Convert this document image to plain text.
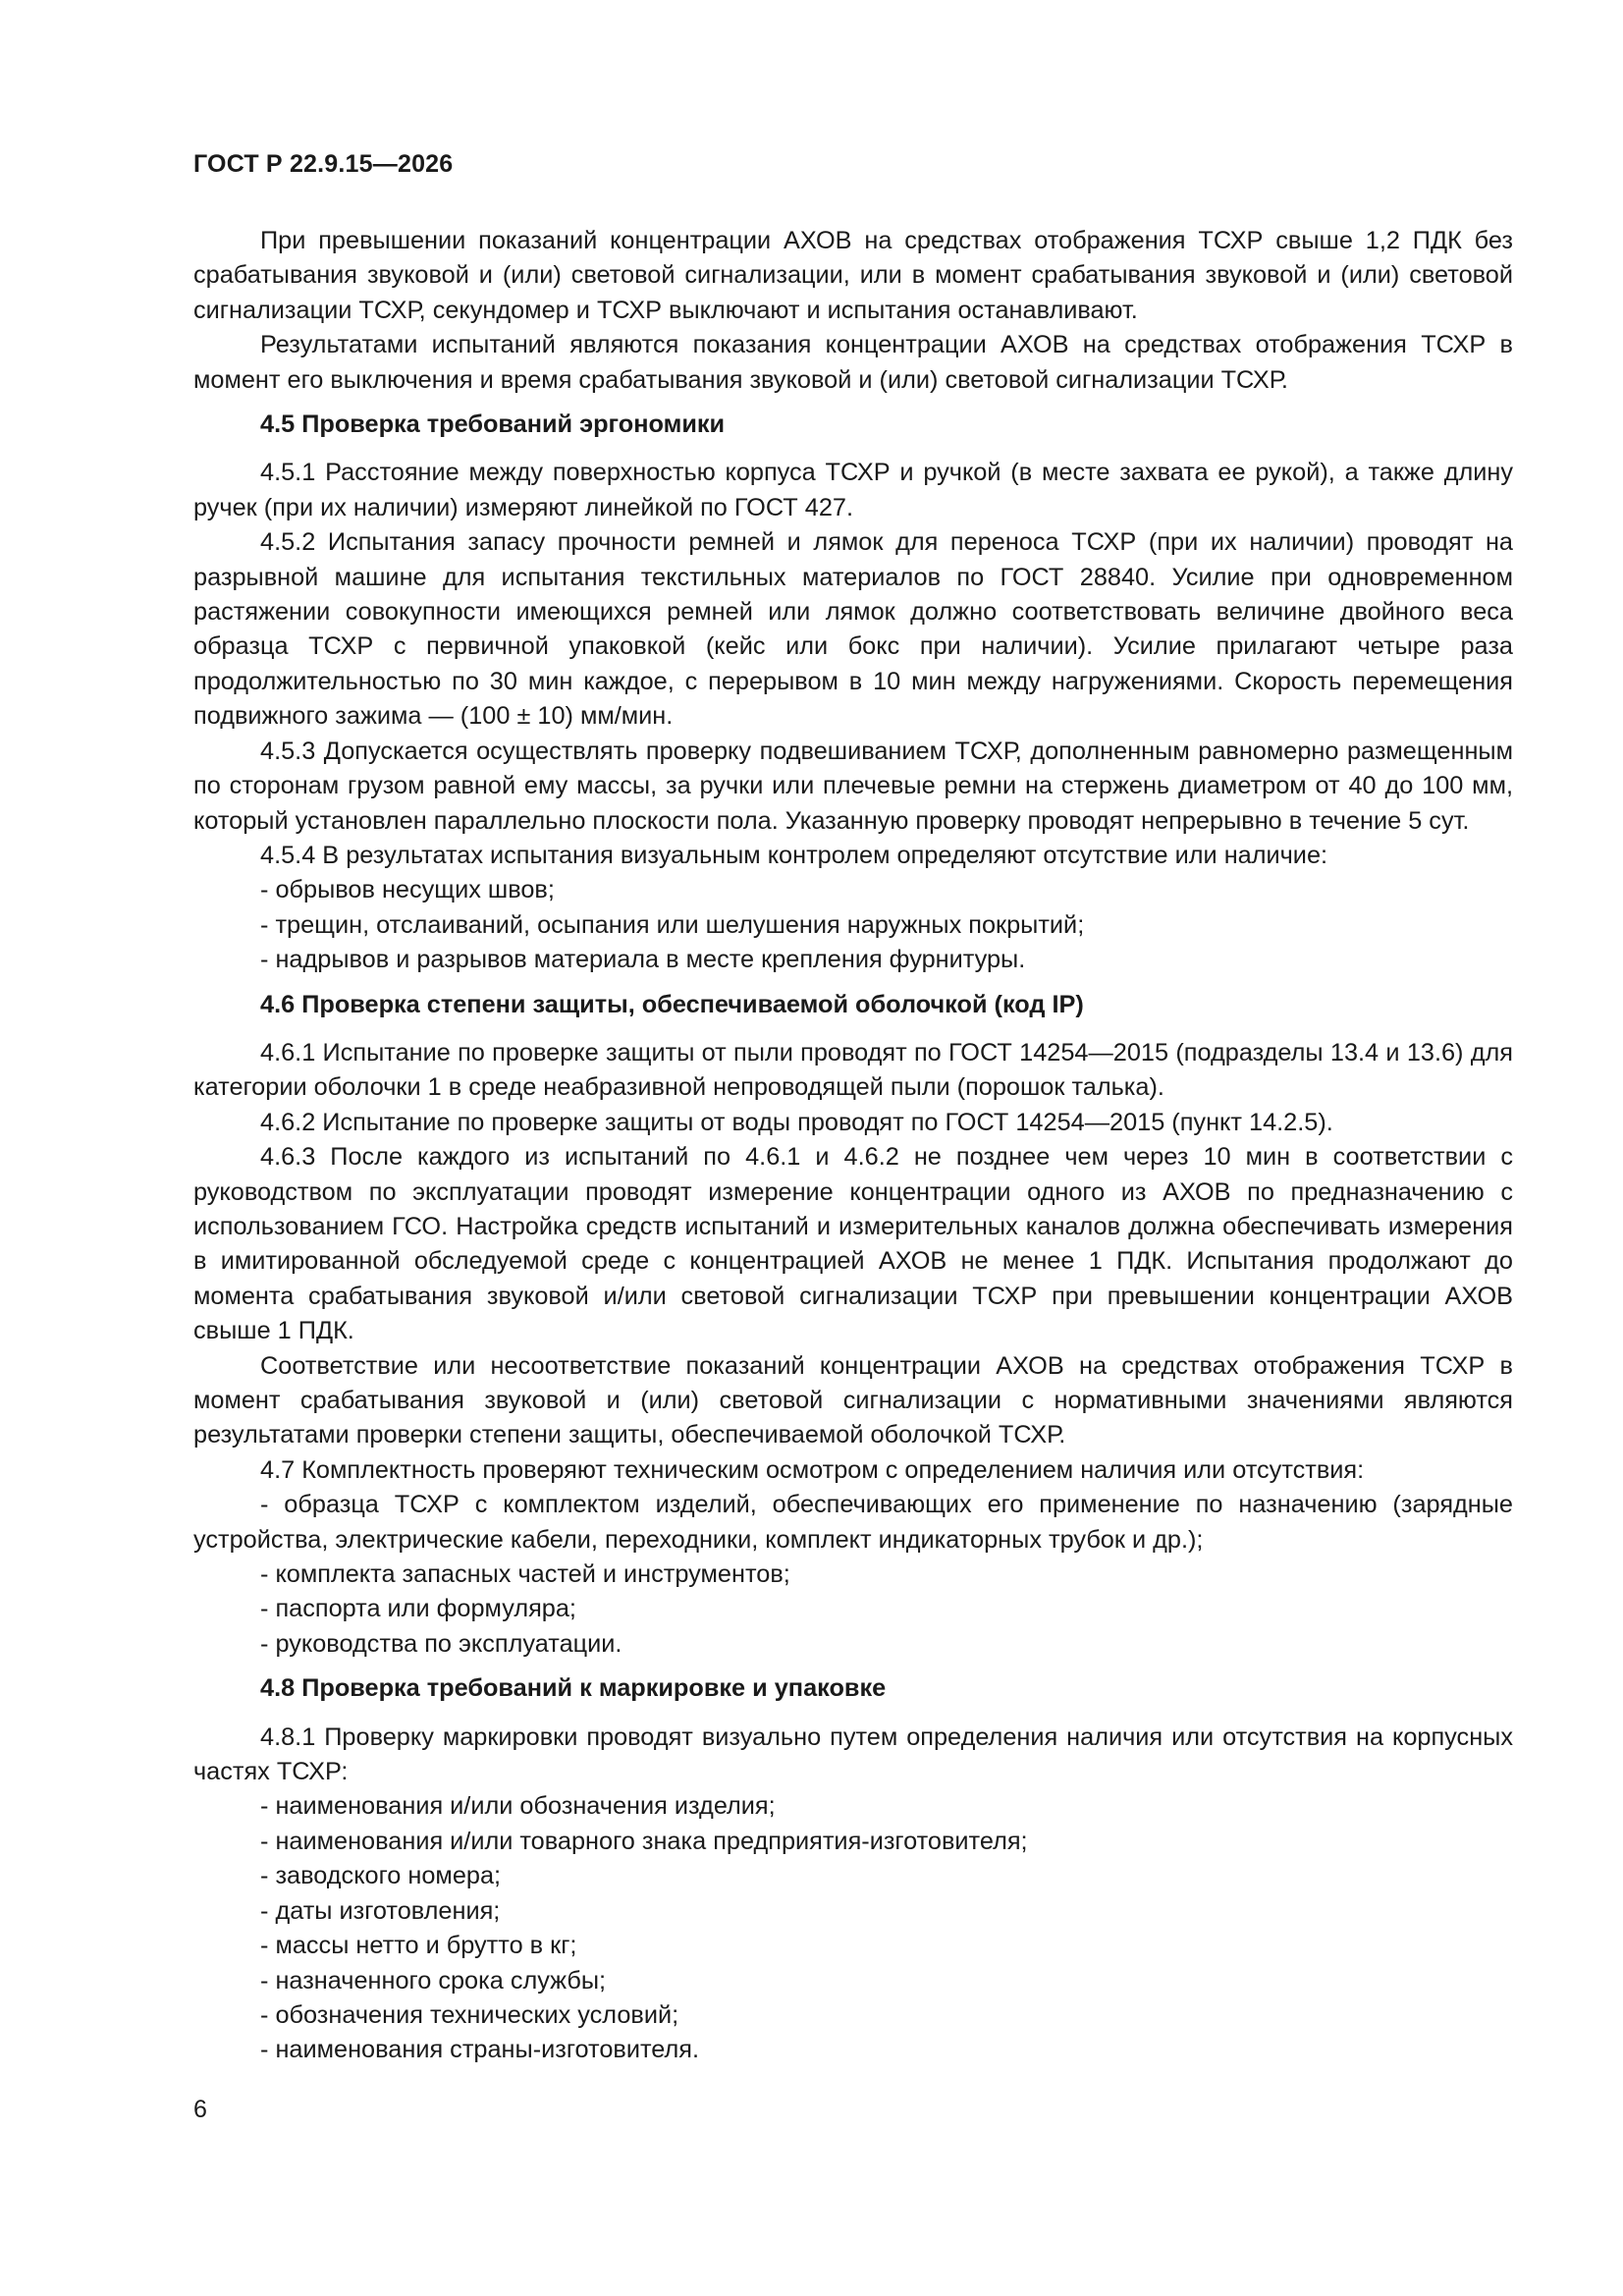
ГОСТ Р 22.9.15—2026

При превышении показаний концентрации АХОВ на средствах отображения ТСХР свыше 1,2 ПДК без срабатывания звуковой и (или) световой сигнализации, или в момент срабатывания звуковой и (или) световой сигнализации ТСХР, секундомер и ТСХР выключают и испытания останавливают.

Результатами испытаний являются показания концентрации АХОВ на средствах отображения ТСХР в момент его выключения и время срабатывания звуковой и (или) световой сигнализации ТСХР.

4.5 Проверка требований эргономики

4.5.1 Расстояние между поверхностью корпуса ТСХР и ручкой (в месте захвата ее рукой), а также длину ручек (при их наличии) измеряют линейкой по ГОСТ 427.

4.5.2 Испытания запасу прочности ремней и лямок для переноса ТСХР (при их наличии) проводят на разрывной машине для испытания текстильных материалов по ГОСТ 28840. Усилие при одновременном растяжении совокупности имеющихся ремней или лямок должно соответствовать величине двойного веса образца ТСХР с первичной упаковкой (кейс или бокс при наличии). Усилие прилагают четыре раза продолжительностью по 30 мин каждое, с перерывом в 10 мин между нагружениями. Скорость перемещения подвижного зажима — (100 ± 10) мм/мин.

4.5.3 Допускается осуществлять проверку подвешиванием ТСХР, дополненным равномерно размещенным по сторонам грузом равной ему массы, за ручки или плечевые ремни на стержень диаметром от 40 до 100 мм, который установлен параллельно плоскости пола. Указанную проверку проводят непрерывно в течение 5 сут.

4.5.4 В результатах испытания визуальным контролем определяют отсутствие или наличие:

- обрывов несущих швов;

- трещин, отслаиваний, осыпания или шелушения наружных покрытий;

- надрывов и разрывов материала в месте крепления фурнитуры.

4.6 Проверка степени защиты, обеспечиваемой оболочкой (код IP)

4.6.1 Испытание по проверке защиты от пыли проводят по ГОСТ 14254—2015 (подразделы 13.4 и 13.6) для категории оболочки 1 в среде неабразивной непроводящей пыли (порошок талька).

4.6.2 Испытание по проверке защиты от воды проводят по ГОСТ 14254—2015 (пункт 14.2.5).

4.6.3 После каждого из испытаний по 4.6.1 и 4.6.2 не позднее чем через 10 мин в соответствии с руководством по эксплуатации проводят измерение концентрации одного из АХОВ по предназначению с использованием ГСО. Настройка средств испытаний и измерительных каналов должна обеспечивать измерения в имитированной обследуемой среде с концентрацией АХОВ не менее 1 ПДК. Испытания продолжают до момента срабатывания звуковой и/или световой сигнализации ТСХР при превышении концентрации АХОВ свыше 1 ПДК.

Соответствие или несоответствие показаний концентрации АХОВ на средствах отображения ТСХР в момент срабатывания звуковой и (или) световой сигнализации с нормативными значениями являются результатами проверки степени защиты, обеспечиваемой оболочкой ТСХР.

4.7 Комплектность проверяют техническим осмотром с определением наличия или отсутствия:

- образца ТСХР с комплектом изделий, обеспечивающих его применение по назначению (зарядные устройства, электрические кабели, переходники, комплект индикаторных трубок и др.);

- комплекта запасных частей и инструментов;

- паспорта или формуляра;

- руководства по эксплуатации.

4.8 Проверка требований к маркировке и упаковке

4.8.1 Проверку маркировки проводят визуально путем определения наличия или отсутствия на корпусных частях ТСХР:

- наименования и/или обозначения изделия;

- наименования и/или товарного знака предприятия-изготовителя;

- заводского номера;

- даты изготовления;

- массы нетто и брутто в кг;

- назначенного срока службы;

- обозначения технических условий;

- наименования страны-изготовителя.

6
